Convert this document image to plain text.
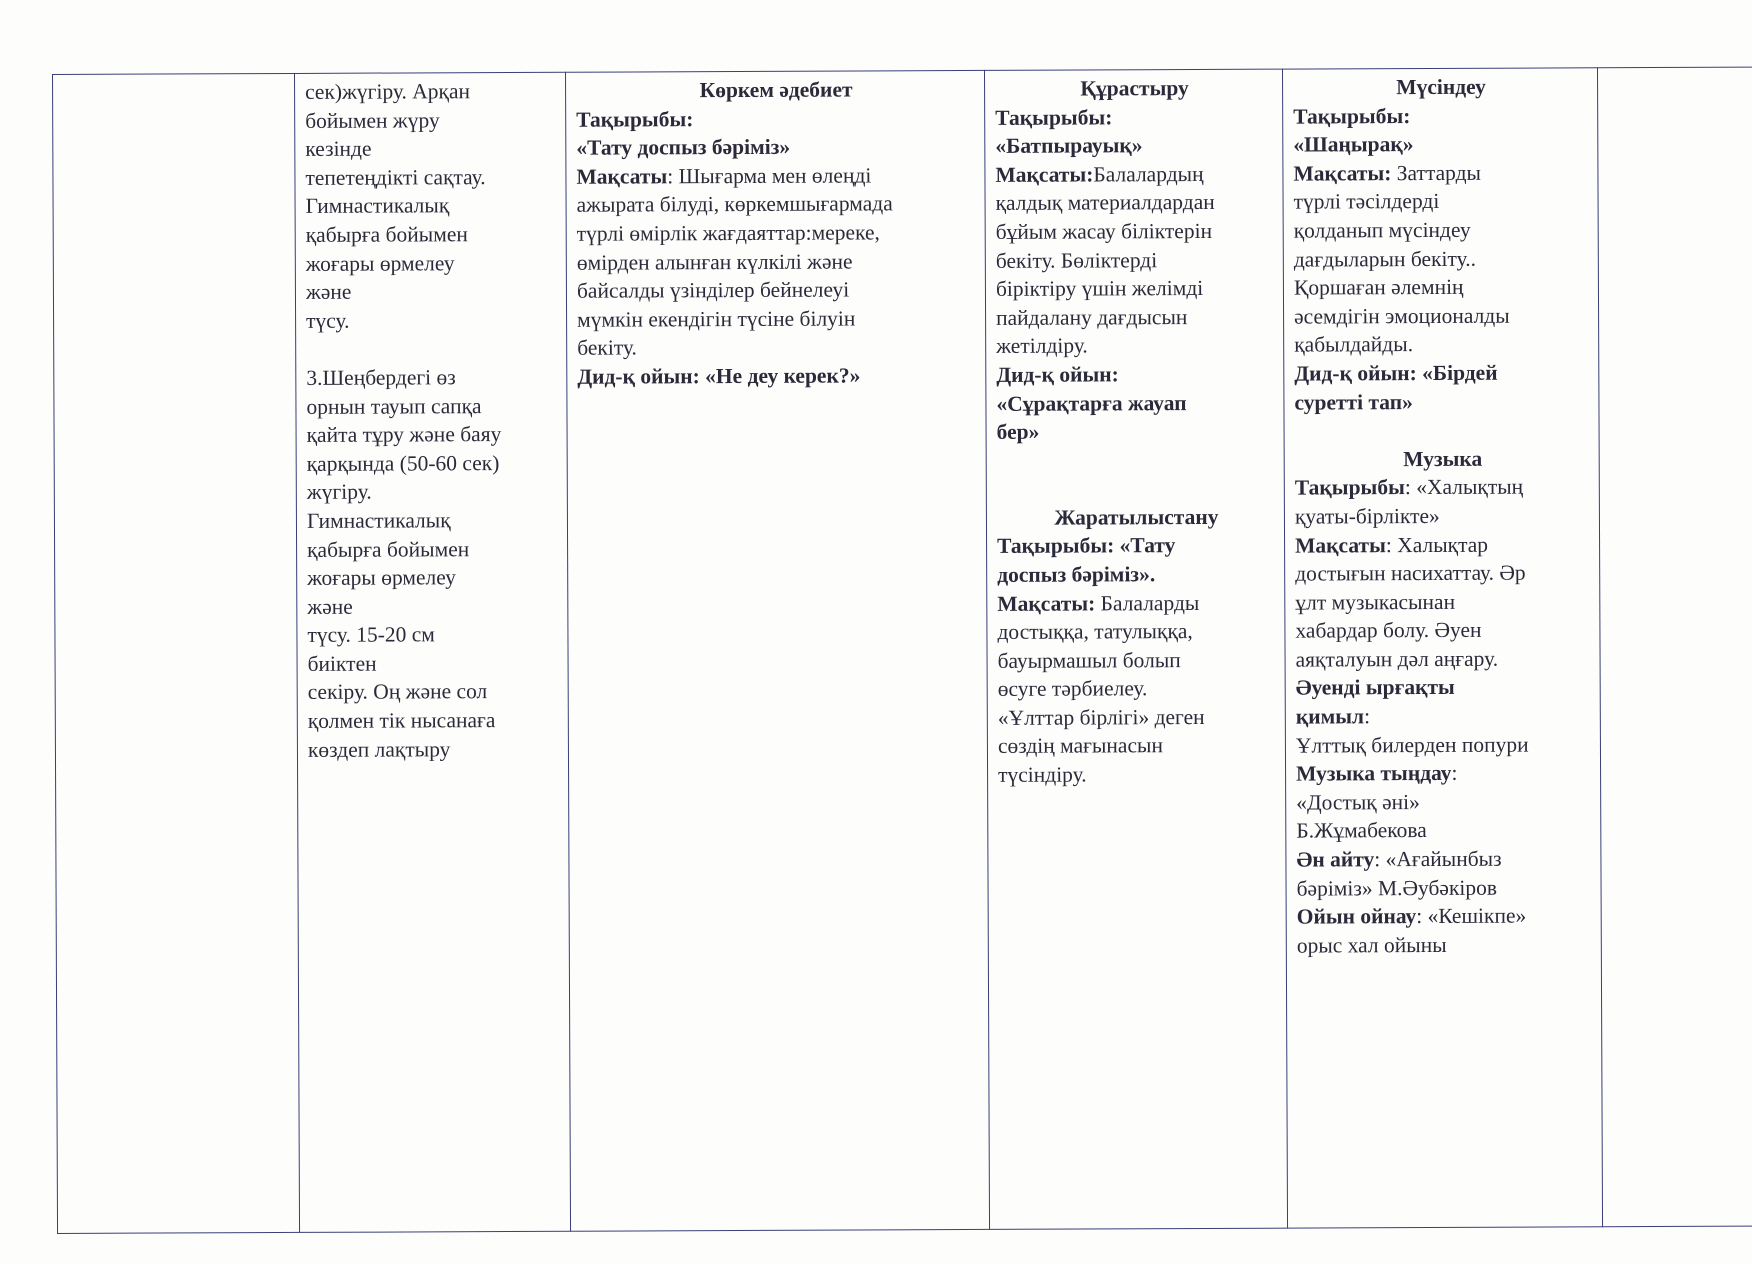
сек)жүгіру. Арқан
бойымен жүру
кезінде
тепетеңдікті сақтау.
Гимнастикалық
қабырға бойымен
жоғары өрмелеу
және
түсу.
3.Шеңбердегі өз
орнын тауып сапқа
қайта тұру және баяу
қарқында (50-60 сек)
жүгіру.
Гимнастикалық
қабырға бойымен
жоғары өрмелеу
және
түсу. 15-20 см
биіктен
секіру. Оң және сол
қолмен тік нысанаға
көздеп лақтыру

Көркем әдебиет
Тақырыбы:
«Тату доспыз бәріміз»
Мақсаты: Шығарма мен өлеңді
ажырата білуді, көркемшығармада
түрлі өмірлік жағдаяттар:мереке,
өмірден алынған күлкілі және
байсалды үзінділер бейнелеуі
мүмкін екендігін түсіне білуін
бекіту.
Дид-қ ойын: «Не деу керек?»

Құрастыру
Тақырыбы:
«Батпырауық»
Мақсаты:Балалардың
қалдық материалдардан
бұйым жасау біліктерін
бекіту. Бөліктерді
біріктіру үшін желімді
пайдалану дағдысын
жетілдіру.
Дид-қ ойын:
«Сұрақтарға жауап
бер»
Жаратылыстану
Тақырыбы: «Тату
доспыз бәріміз».
Мақсаты: Балаларды
достыққа, татулыққа,
бауырмашыл болып
өсуге тәрбиелеу.
«Ұлттар бірлігі» деген
сөздің мағынасын
түсіндіру.

Мүсіндеу
Тақырыбы:
«Шаңырақ»
Мақсаты: Заттарды
түрлі тәсілдерді
қолданып мүсіндеу
дағдыларын бекіту..
Қоршаған әлемнің
әсемдігін эмоционалды
қабылдайды.
Дид-қ ойын: «Бірдей
суретті тап»
Музыка
Тақырыбы: «Халықтың
қуаты-бірлікте»
Мақсаты: Халықтар
достығын насихаттау. Әр
ұлт музыкасынан
хабардар болу. Әуен
аяқталуын дәл аңғару.
Әуенді ырғақты
қимыл:
Ұлттық билерден попури
Музыка тыңдау:
«Достық әні»
Б.Жұмабекова
Ән айту: «Ағайынбыз
бәріміз» М.Әубәкіров
Ойын ойнау: «Кешікпе»
орыс хал ойыны
